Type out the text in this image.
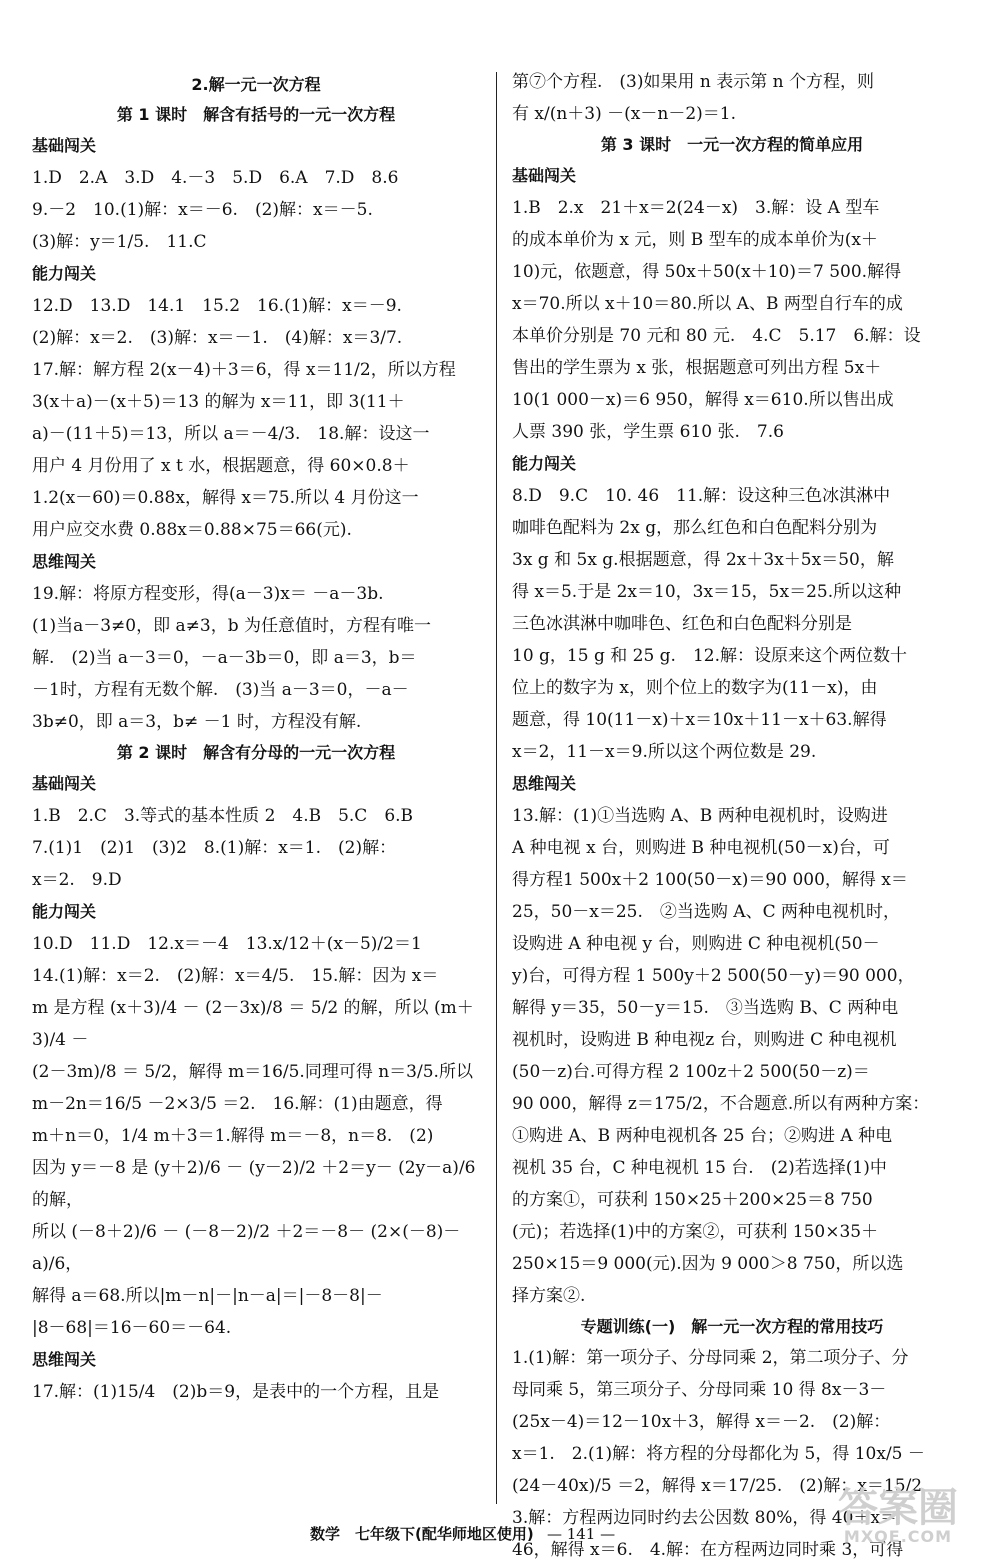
2.解一元一次方程
第 1 课时　解含有括号的一元一次方程
基础闯关
1.D　2.A　3.D　4.－3　5.D　6.A　7.D　8.6
9.－2　10.(1)解：x＝－6.　(2)解：x＝－5.
(3)解：y＝1/5.　11.C
能力闯关
12.D　13.D　14.1　15.2　16.(1)解：x＝－9.
(2)解：x＝2.　(3)解：x＝－1.　(4)解：x＝3/7.
17.解：解方程 2(x－4)＋3＝6，得 x＝11/2，所以方程
3(x＋a)－(x＋5)＝13 的解为 x＝11，即 3(11＋
a)－(11＋5)＝13，所以 a＝－4/3.　18.解：设这一
用户 4 月份用了 x t 水，根据题意，得 60×0.8＋
1.2(x－60)＝0.88x，解得 x＝75.所以 4 月份这一
用户应交水费 0.88x＝0.88×75＝66(元).
思维闯关
19.解：将原方程变形，得(a－3)x＝ －a－3b.
(1)当a－3≠0，即 a≠3，b 为任意值时，方程有唯一
解.　(2)当 a－3＝0，－a－3b＝0，即 a＝3，b＝
－1时，方程有无数个解.　(3)当 a－3＝0，－a－
3b≠0，即 a＝3，b≠ －1 时，方程没有解.
第 2 课时　解含有分母的一元一次方程
基础闯关
1.B　2.C　3.等式的基本性质 2　4.B　5.C　6.B
7.(1)1　(2)1　(3)2　8.(1)解：x＝1.　(2)解：
x＝2.　9.D
能力闯关
10.D　11.D　12.x＝－4　13.x/12＋(x－5)/2＝1
14.(1)解：x＝2.　(2)解：x＝4/5.　15.解：因为 x＝
m 是方程 (x＋3)/4 － (2－3x)/8 ＝ 5/2 的解，所以 (m＋3)/4 －
(2－3m)/8 ＝ 5/2，解得 m＝16/5.同理可得 n＝3/5.所以
m－2n＝16/5 －2×3/5 ＝2.　16.解：(1)由题意，得
m＋n＝0，1/4 m＋3＝1.解得 m＝－8，n＝8.　(2)
因为 y＝－8 是 (y＋2)/6 － (y－2)/2 ＋2＝y－ (2y－a)/6 的解，
所以 (－8＋2)/6 － (－8－2)/2 ＋2＝－8－ (2×(－8)－a)/6，
解得 a＝68.所以|m－n|－|n－a|＝|－8－8|－
|8－68|＝16－60＝－64.
思维闯关
17.解：(1)15/4　(2)b＝9，是表中的一个方程，且是
第⑦个方程.　(3)如果用 n 表示第 n 个方程，则
有 x/(n＋3) －(x－n－2)＝1.
第 3 课时　一元一次方程的简单应用
基础闯关
1.B　2.x　21＋x＝2(24－x)　3.解：设 A 型车
的成本单价为 x 元，则 B 型车的成本单价为(x＋
10)元，依题意，得 50x＋50(x＋10)＝7 500.解得
x＝70.所以 x＋10＝80.所以 A、B 两型自行车的成
本单价分别是 70 元和 80 元.　4.C　5.17　6.解：设
售出的学生票为 x 张，根据题意可列出方程 5x＋
10(1 000－x)＝6 950，解得 x＝610.所以售出成
人票 390 张，学生票 610 张.　7.6
能力闯关
8.D　9.C　10. 46　11.解：设这种三色冰淇淋中
咖啡色配料为 2x g，那么红色和白色配料分别为
3x g 和 5x g.根据题意，得 2x＋3x＋5x＝50，解
得 x＝5.于是 2x＝10，3x＝15，5x＝25.所以这种
三色冰淇淋中咖啡色、红色和白色配料分别是
10 g，15 g 和 25 g.　12.解：设原来这个两位数十
位上的数字为 x，则个位上的数字为(11－x)，由
题意，得 10(11－x)＋x＝10x＋11－x＋63.解得
x＝2，11－x＝9.所以这个两位数是 29.
思维闯关
13.解：(1)①当选购 A、B 两种电视机时，设购进
A 种电视 x 台，则购进 B 种电视机(50－x)台，可
得方程1 500x＋2 100(50－x)＝90 000，解得 x＝
25，50－x＝25.　②当选购 A、C 两种电视机时，
设购进 A 种电视 y 台，则购进 C 种电视机(50－
y)台，可得方程 1 500y＋2 500(50－y)＝90 000，
解得 y＝35，50－y＝15.　③当选购 B、C 两种电
视机时，设购进 B 种电视z 台，则购进 C 种电视机
(50－z)台.可得方程 2 100z＋2 500(50－z)＝
90 000，解得 z＝175/2，不合题意.所以有两种方案：
①购进 A、B 两种电视机各 25 台；②购进 A 种电
视机 35 台，C 种电视机 15 台.　(2)若选择(1)中
的方案①，可获利 150×25＋200×25＝8 750
(元)；若选择(1)中的方案②，可获利 150×35＋
250×15＝9 000(元).因为 9 000＞8 750，所以选
择方案②.
专题训练(一)　解一元一次方程的常用技巧
1.(1)解：第一项分子、分母同乘 2，第二项分子、分
母同乘 5，第三项分子、分母同乘 10 得 8x－3－
(25x－4)＝12－10x＋3，解得 x＝－2.　(2)解：
x＝1.　2.(1)解：将方程的分母都化为 5，得 10x/5 －
(24－40x)/5 ＝2，解得 x＝17/25.　(2)解：x＝15/2
3.解：方程两边同时约去公因数 80%，得 40＋x＝
46，解得 x＝6.　4.解：在方程两边同时乘 3，可得
数学　七年级下(配华师地区使用) — 141 —
答案圈
MXQE.COM
